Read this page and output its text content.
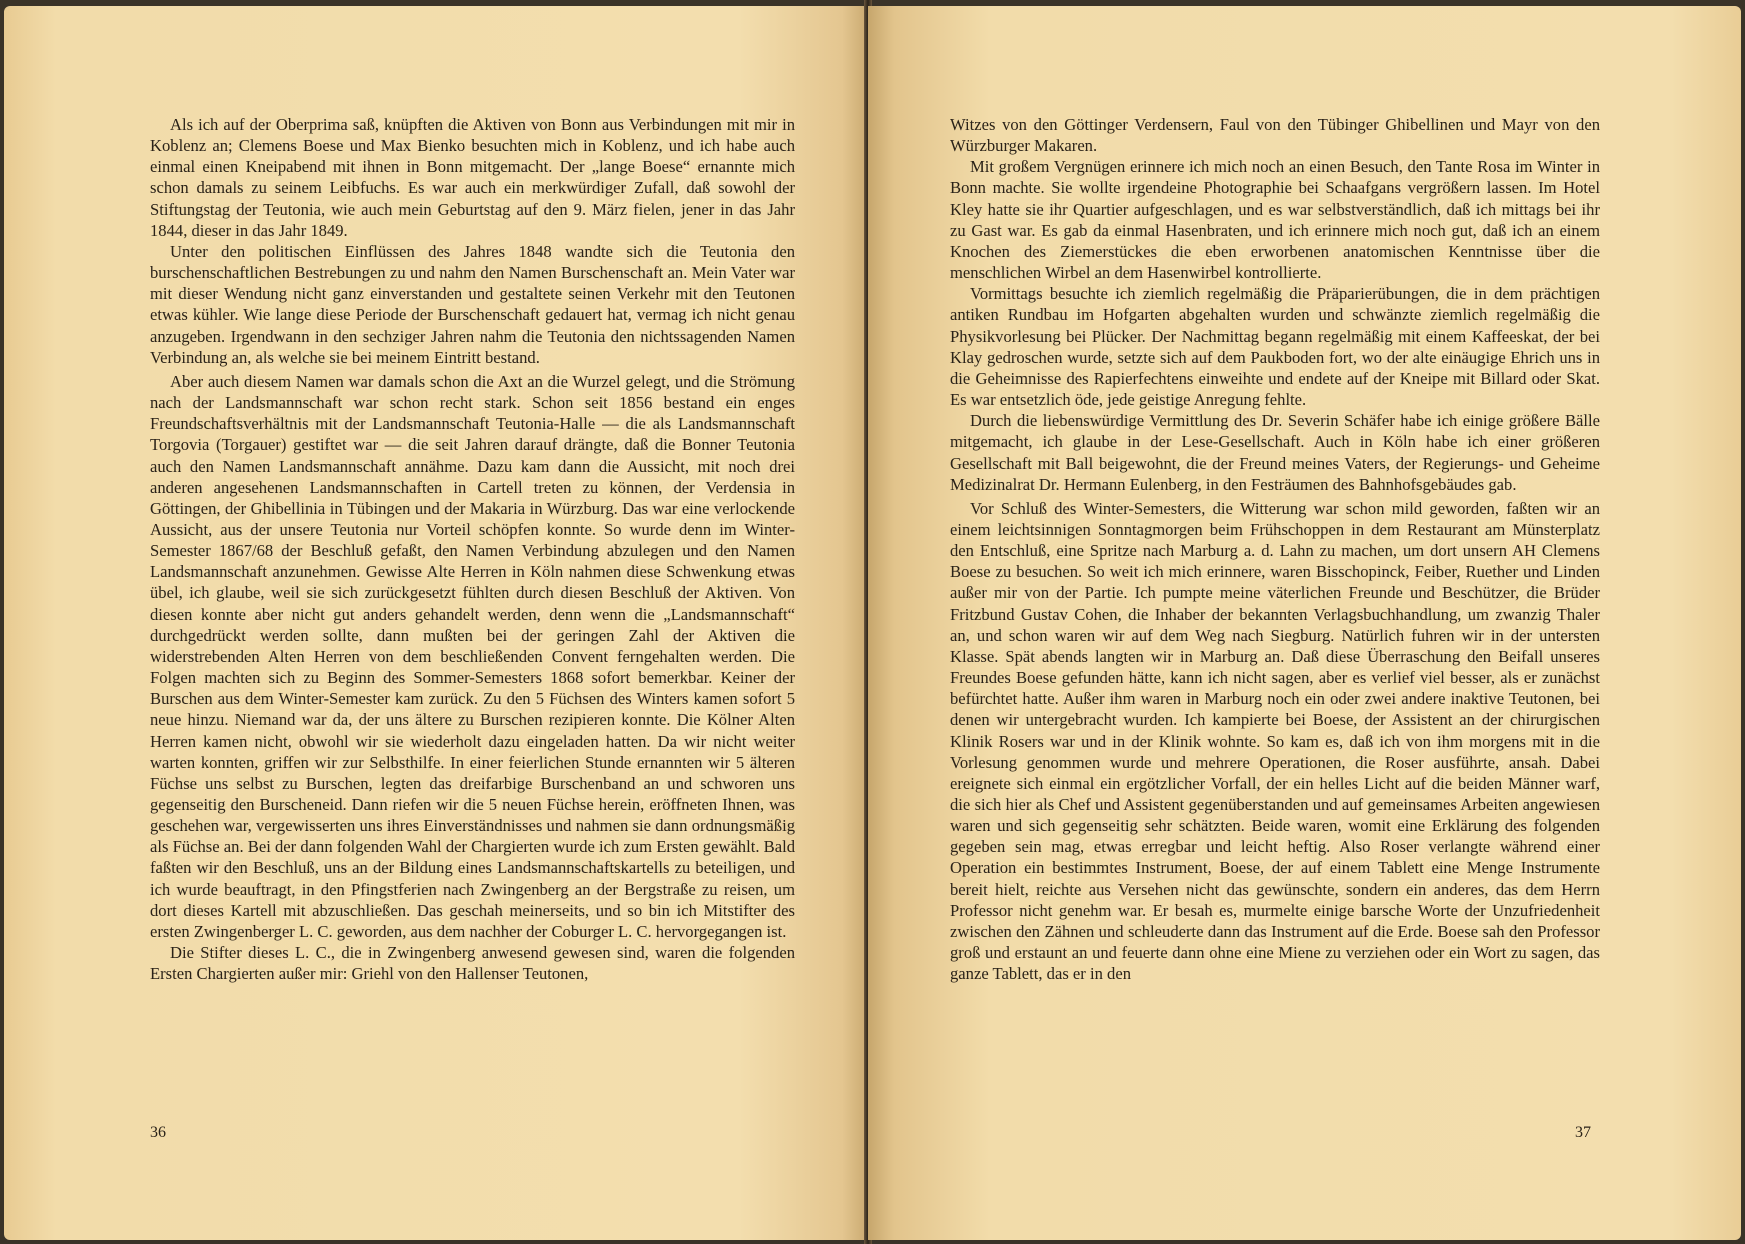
Als ich auf der Oberprima saß, knüpften die Aktiven von Bonn aus Verbindungen mit mir in Koblenz an; Clemens Boese und Max Bienko besuchten mich in Koblenz, und ich habe auch einmal einen Kneipabend mit ihnen in Bonn mitgemacht. Der „lange Boese“ ernannte mich schon damals zu seinem Leibfuchs. Es war auch ein merkwürdiger Zufall, daß sowohl der Stiftungstag der Teutonia, wie auch mein Geburtstag auf den 9. März fielen, jener in das Jahr 1844, dieser in das Jahr 1849.

Unter den politischen Einflüssen des Jahres 1848 wandte sich die Teutonia den burschenschaftlichen Bestrebungen zu und nahm den Namen Burschenschaft an. Mein Vater war mit dieser Wendung nicht ganz einverstanden und gestaltete seinen Verkehr mit den Teutonen etwas kühler. Wie lange diese Periode der Burschenschaft gedauert hat, vermag ich nicht genau anzugeben. Irgendwann in den sechziger Jahren nahm die Teutonia den nichtssagenden Namen Verbindung an, als welche sie bei meinem Eintritt bestand.

Aber auch diesem Namen war damals schon die Axt an die Wurzel gelegt, und die Strömung nach der Landsmannschaft war schon recht stark. Schon seit 1856 bestand ein enges Freundschaftsverhältnis mit der Landsmannschaft Teutonia-Halle — die als Landsmannschaft Torgovia (Torgauer) gestiftet war — die seit Jahren darauf drängte, daß die Bonner Teutonia auch den Namen Landsmannschaft annähme. Dazu kam dann die Aussicht, mit noch drei anderen angesehenen Landsmannschaften in Cartell treten zu können, der Verdensia in Göttingen, der Ghibellinia in Tübingen und der Makaria in Würzburg. Das war eine verlockende Aussicht, aus der unsere Teutonia nur Vorteil schöpfen konnte. So wurde denn im Winter-Semester 1867/68 der Beschluß gefaßt, den Namen Verbindung abzulegen und den Namen Landsmannschaft anzunehmen. Gewisse Alte Herren in Köln nahmen diese Schwenkung etwas übel, ich glaube, weil sie sich zurückgesetzt fühlten durch diesen Beschluß der Aktiven. Von diesen konnte aber nicht gut anders gehandelt werden, denn wenn die „Landsmannschaft“ durchgedrückt werden sollte, dann mußten bei der geringen Zahl der Aktiven die widerstrebenden Alten Herren von dem beschließenden Convent ferngehalten werden. Die Folgen machten sich zu Beginn des Sommer-Semesters 1868 sofort bemerkbar. Keiner der Burschen aus dem Winter-Semester kam zurück. Zu den 5 Füchsen des Winters kamen sofort 5 neue hinzu. Niemand war da, der uns ältere zu Burschen rezipieren konnte. Die Kölner Alten Herren kamen nicht, obwohl wir sie wiederholt dazu eingeladen hatten. Da wir nicht weiter warten konnten, griffen wir zur Selbsthilfe. In einer feierlichen Stunde ernannten wir 5 älteren Füchse uns selbst zu Burschen, legten das dreifarbige Burschenband an und schworen uns gegenseitig den Burscheneid. Dann riefen wir die 5 neuen Füchse herein, eröffneten Ihnen, was geschehen war, vergewisserten uns ihres Einverständnisses und nahmen sie dann ordnungsmäßig als Füchse an. Bei der dann folgenden Wahl der Chargierten wurde ich zum Ersten gewählt. Bald faßten wir den Beschluß, uns an der Bildung eines Landsmannschaftskartells zu beteiligen, und ich wurde beauftragt, in den Pfingstferien nach Zwingenberg an der Bergstraße zu reisen, um dort dieses Kartell mit abzuschließen. Das geschah meinerseits, und so bin ich Mitstifter des ersten Zwingenberger L. C. geworden, aus dem nachher der Coburger L. C. hervorgegangen ist.

Die Stifter dieses L. C., die in Zwingenberg anwesend gewesen sind, waren die folgenden Ersten Chargierten außer mir: Griehl von den Hallenser Teutonen,

36

Witzes von den Göttinger Verdensern, Faul von den Tübinger Ghibellinen und Mayr von den Würzburger Makaren.

Mit großem Vergnügen erinnere ich mich noch an einen Besuch, den Tante Rosa im Winter in Bonn machte. Sie wollte irgendeine Photographie bei Schaafgans vergrößern lassen. Im Hotel Kley hatte sie ihr Quartier aufgeschlagen, und es war selbstverständlich, daß ich mittags bei ihr zu Gast war. Es gab da einmal Hasenbraten, und ich erinnere mich noch gut, daß ich an einem Knochen des Ziemerstückes die eben erworbenen anatomischen Kenntnisse über die menschlichen Wirbel an dem Hasenwirbel kontrollierte.

Vormittags besuchte ich ziemlich regelmäßig die Präparierübungen, die in dem prächtigen antiken Rundbau im Hofgarten abgehalten wurden und schwänzte ziemlich regelmäßig die Physikvorlesung bei Plücker. Der Nachmittag begann regelmäßig mit einem Kaffeeskat, der bei Klay gedroschen wurde, setzte sich auf dem Paukboden fort, wo der alte einäugige Ehrich uns in die Geheimnisse des Rapierfechtens einweihte und endete auf der Kneipe mit Billard oder Skat. Es war entsetzlich öde, jede geistige Anregung fehlte.

Durch die liebenswürdige Vermittlung des Dr. Severin Schäfer habe ich einige größere Bälle mitgemacht, ich glaube in der Lese-Gesellschaft. Auch in Köln habe ich einer größeren Gesellschaft mit Ball beigewohnt, die der Freund meines Vaters, der Regierungs- und Geheime Medizinalrat Dr. Hermann Eulenberg, in den Festräumen des Bahnhofsgebäudes gab.

Vor Schluß des Winter-Semesters, die Witterung war schon mild geworden, faßten wir an einem leichtsinnigen Sonntagmorgen beim Frühschoppen in dem Restaurant am Münsterplatz den Entschluß, eine Spritze nach Marburg a. d. Lahn zu machen, um dort unsern AH Clemens Boese zu besuchen. So weit ich mich erinnere, waren Bisschopinck, Feiber, Ruether und Linden außer mir von der Partie. Ich pumpte meine väterlichen Freunde und Beschützer, die Brüder Fritzbund Gustav Cohen, die Inhaber der bekannten Verlagsbuchhandlung, um zwanzig Thaler an, und schon waren wir auf dem Weg nach Siegburg. Natürlich fuhren wir in der untersten Klasse. Spät abends langten wir in Marburg an. Daß diese Überraschung den Beifall unseres Freundes Boese gefunden hätte, kann ich nicht sagen, aber es verlief viel besser, als er zunächst befürchtet hatte. Außer ihm waren in Marburg noch ein oder zwei andere inaktive Teutonen, bei denen wir untergebracht wurden. Ich kampierte bei Boese, der Assistent an der chirurgischen Klinik Rosers war und in der Klinik wohnte. So kam es, daß ich von ihm morgens mit in die Vorlesung genommen wurde und mehrere Operationen, die Roser ausführte, ansah. Dabei ereignete sich einmal ein ergötzlicher Vorfall, der ein helles Licht auf die beiden Männer warf, die sich hier als Chef und Assistent gegenüberstanden und auf gemeinsames Arbeiten angewiesen waren und sich gegenseitig sehr schätzten. Beide waren, womit eine Erklärung des folgenden gegeben sein mag, etwas erregbar und leicht heftig. Also Roser verlangte während einer Operation ein bestimmtes Instrument, Boese, der auf einem Tablett eine Menge Instrumente bereit hielt, reichte aus Versehen nicht das gewünschte, sondern ein anderes, das dem Herrn Professor nicht genehm war. Er besah es, murmelte einige barsche Worte der Unzufriedenheit zwischen den Zähnen und schleuderte dann das Instrument auf die Erde. Boese sah den Professor groß und erstaunt an und feuerte dann ohne eine Miene zu verziehen oder ein Wort zu sagen, das ganze Tablett, das er in den

37
